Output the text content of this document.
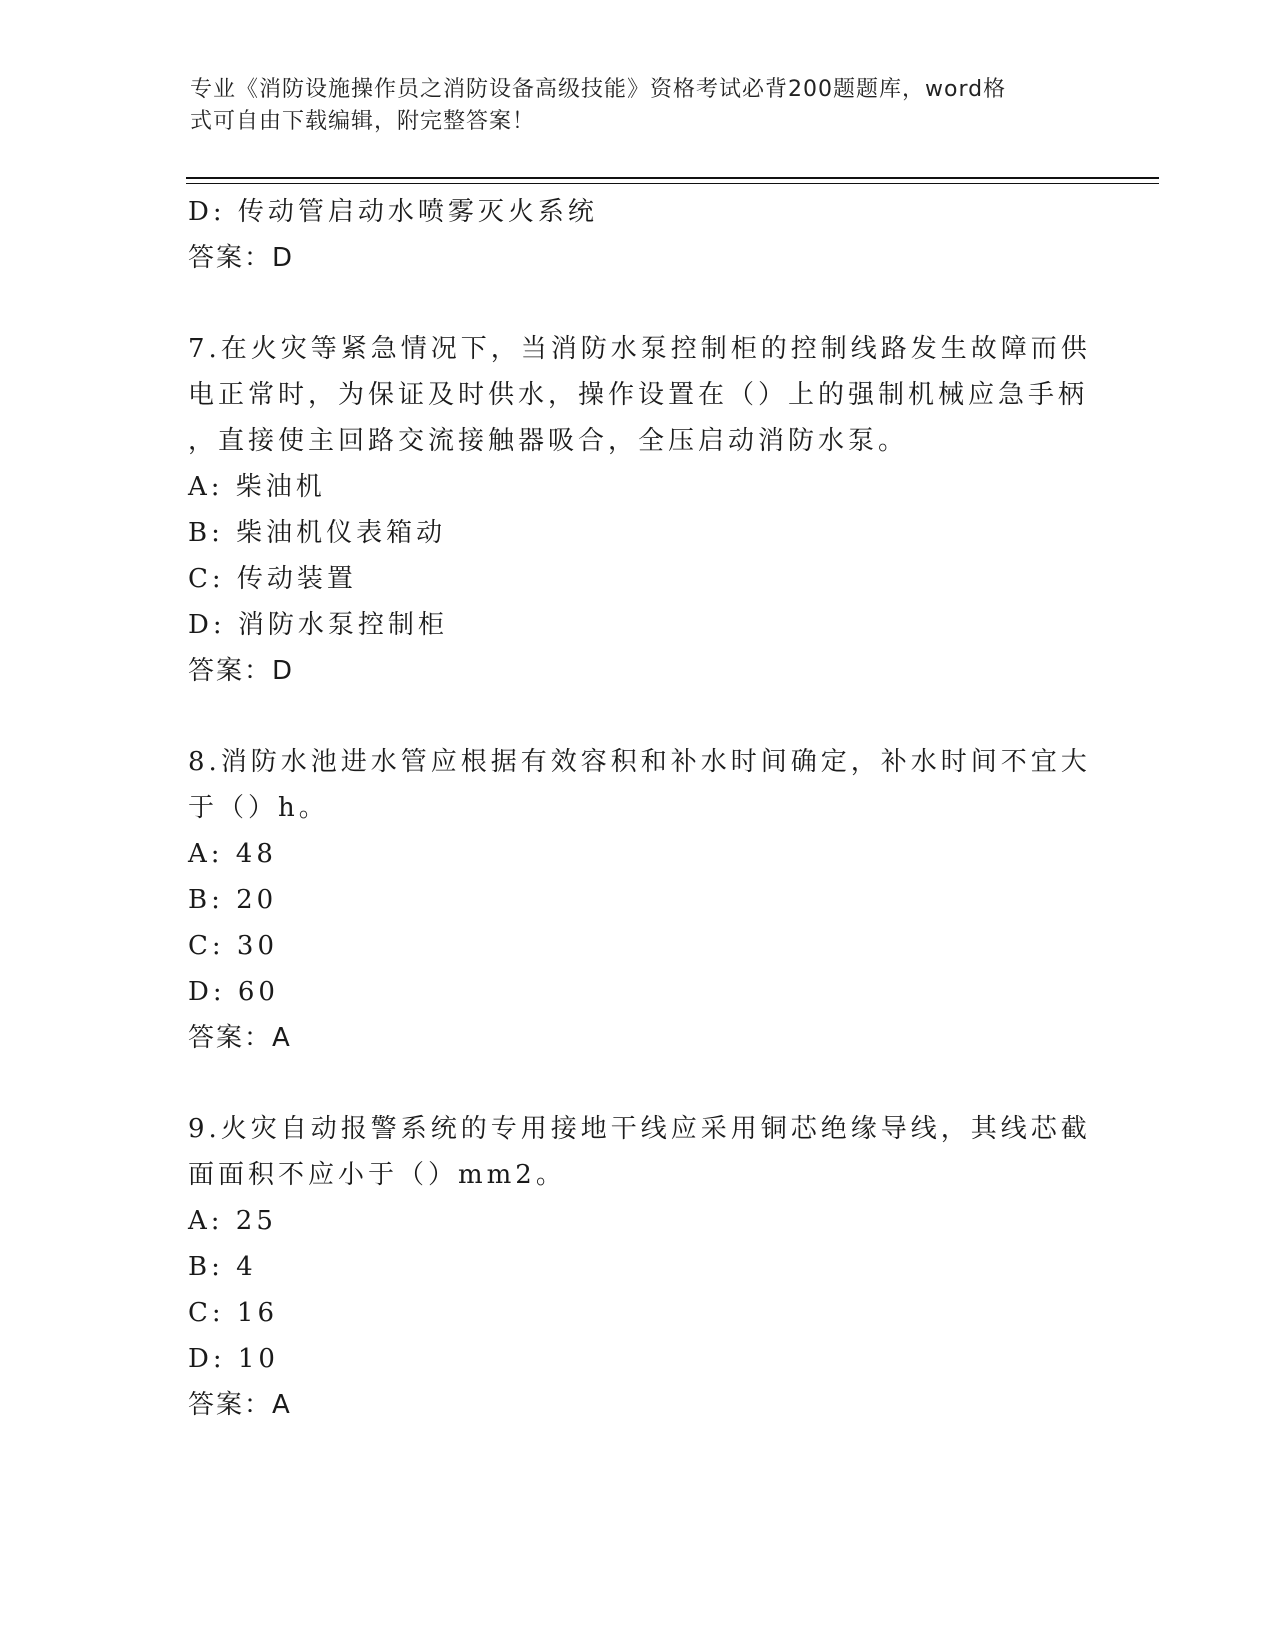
专业《消防设施操作员之消防设备高级技能》资格考试必背200题题库，word格
式可自由下载编辑，附完整答案！
D: 传动管启动水喷雾灭火系统
答案：D
7.在火灾等紧急情况下，当消防水泵控制柜的控制线路发生故障而供
电正常时，为保证及时供水，操作设置在（）上的强制机械应急手柄
，直接使主回路交流接触器吸合，全压启动消防水泵。
A: 柴油机
B: 柴油机仪表箱动
C: 传动装置
D: 消防水泵控制柜
答案：D
8.消防水池进水管应根据有效容积和补水时间确定，补水时间不宜大
于（）h。
A: 48
B: 20
C: 30
D: 60
答案：A
9.火灾自动报警系统的专用接地干线应采用铜芯绝缘导线，其线芯截
面面积不应小于（）mm2。
A: 25
B: 4
C: 16
D: 10
答案：A
